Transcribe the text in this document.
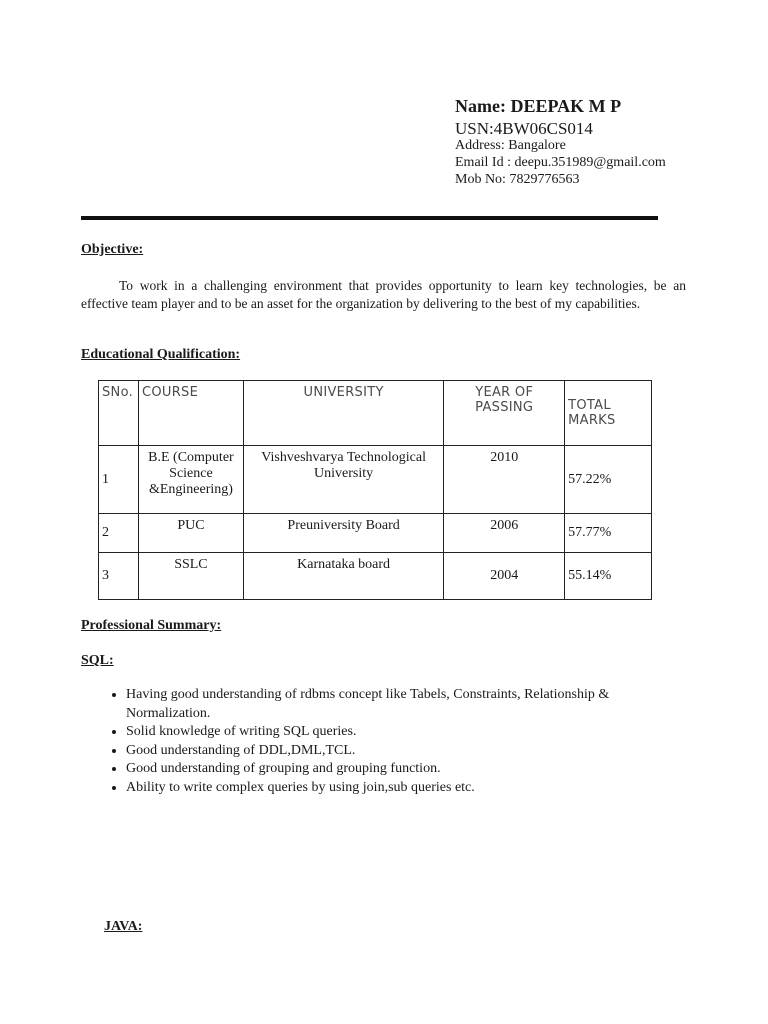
Name: DEEPAK M P
USN:4BW06CS014
Address: Bangalore
Email Id : deepu.351989@gmail.com
Mob No: 7829776563
Objective:
To work in a challenging environment that provides opportunity to learn key technologies, be an effective team player and to be an asset for the organization by delivering to the best of my capabilities.
Educational Qualification:
SNo.	COURSE	UNIVERSITY	YEAR OF PASSING	TOTAL MARKS
1	B.E (Computer Science &Engineering)	Vishveshvarya Technological University	2010	57.22%
2	PUC	Preuniversity Board	2006	57.77%
3	SSLC	Karnataka board	2004	55.14%
Professional Summary:
SQL:
• Having good understanding of rdbms concept like Tabels, Constraints, Relationship & Normalization.
• Solid knowledge of writing SQL queries.
• Good understanding of DDL,DML,TCL.
• Good understanding of grouping and grouping function.
• Ability to write complex queries by using join,sub queries etc.
JAVA:
